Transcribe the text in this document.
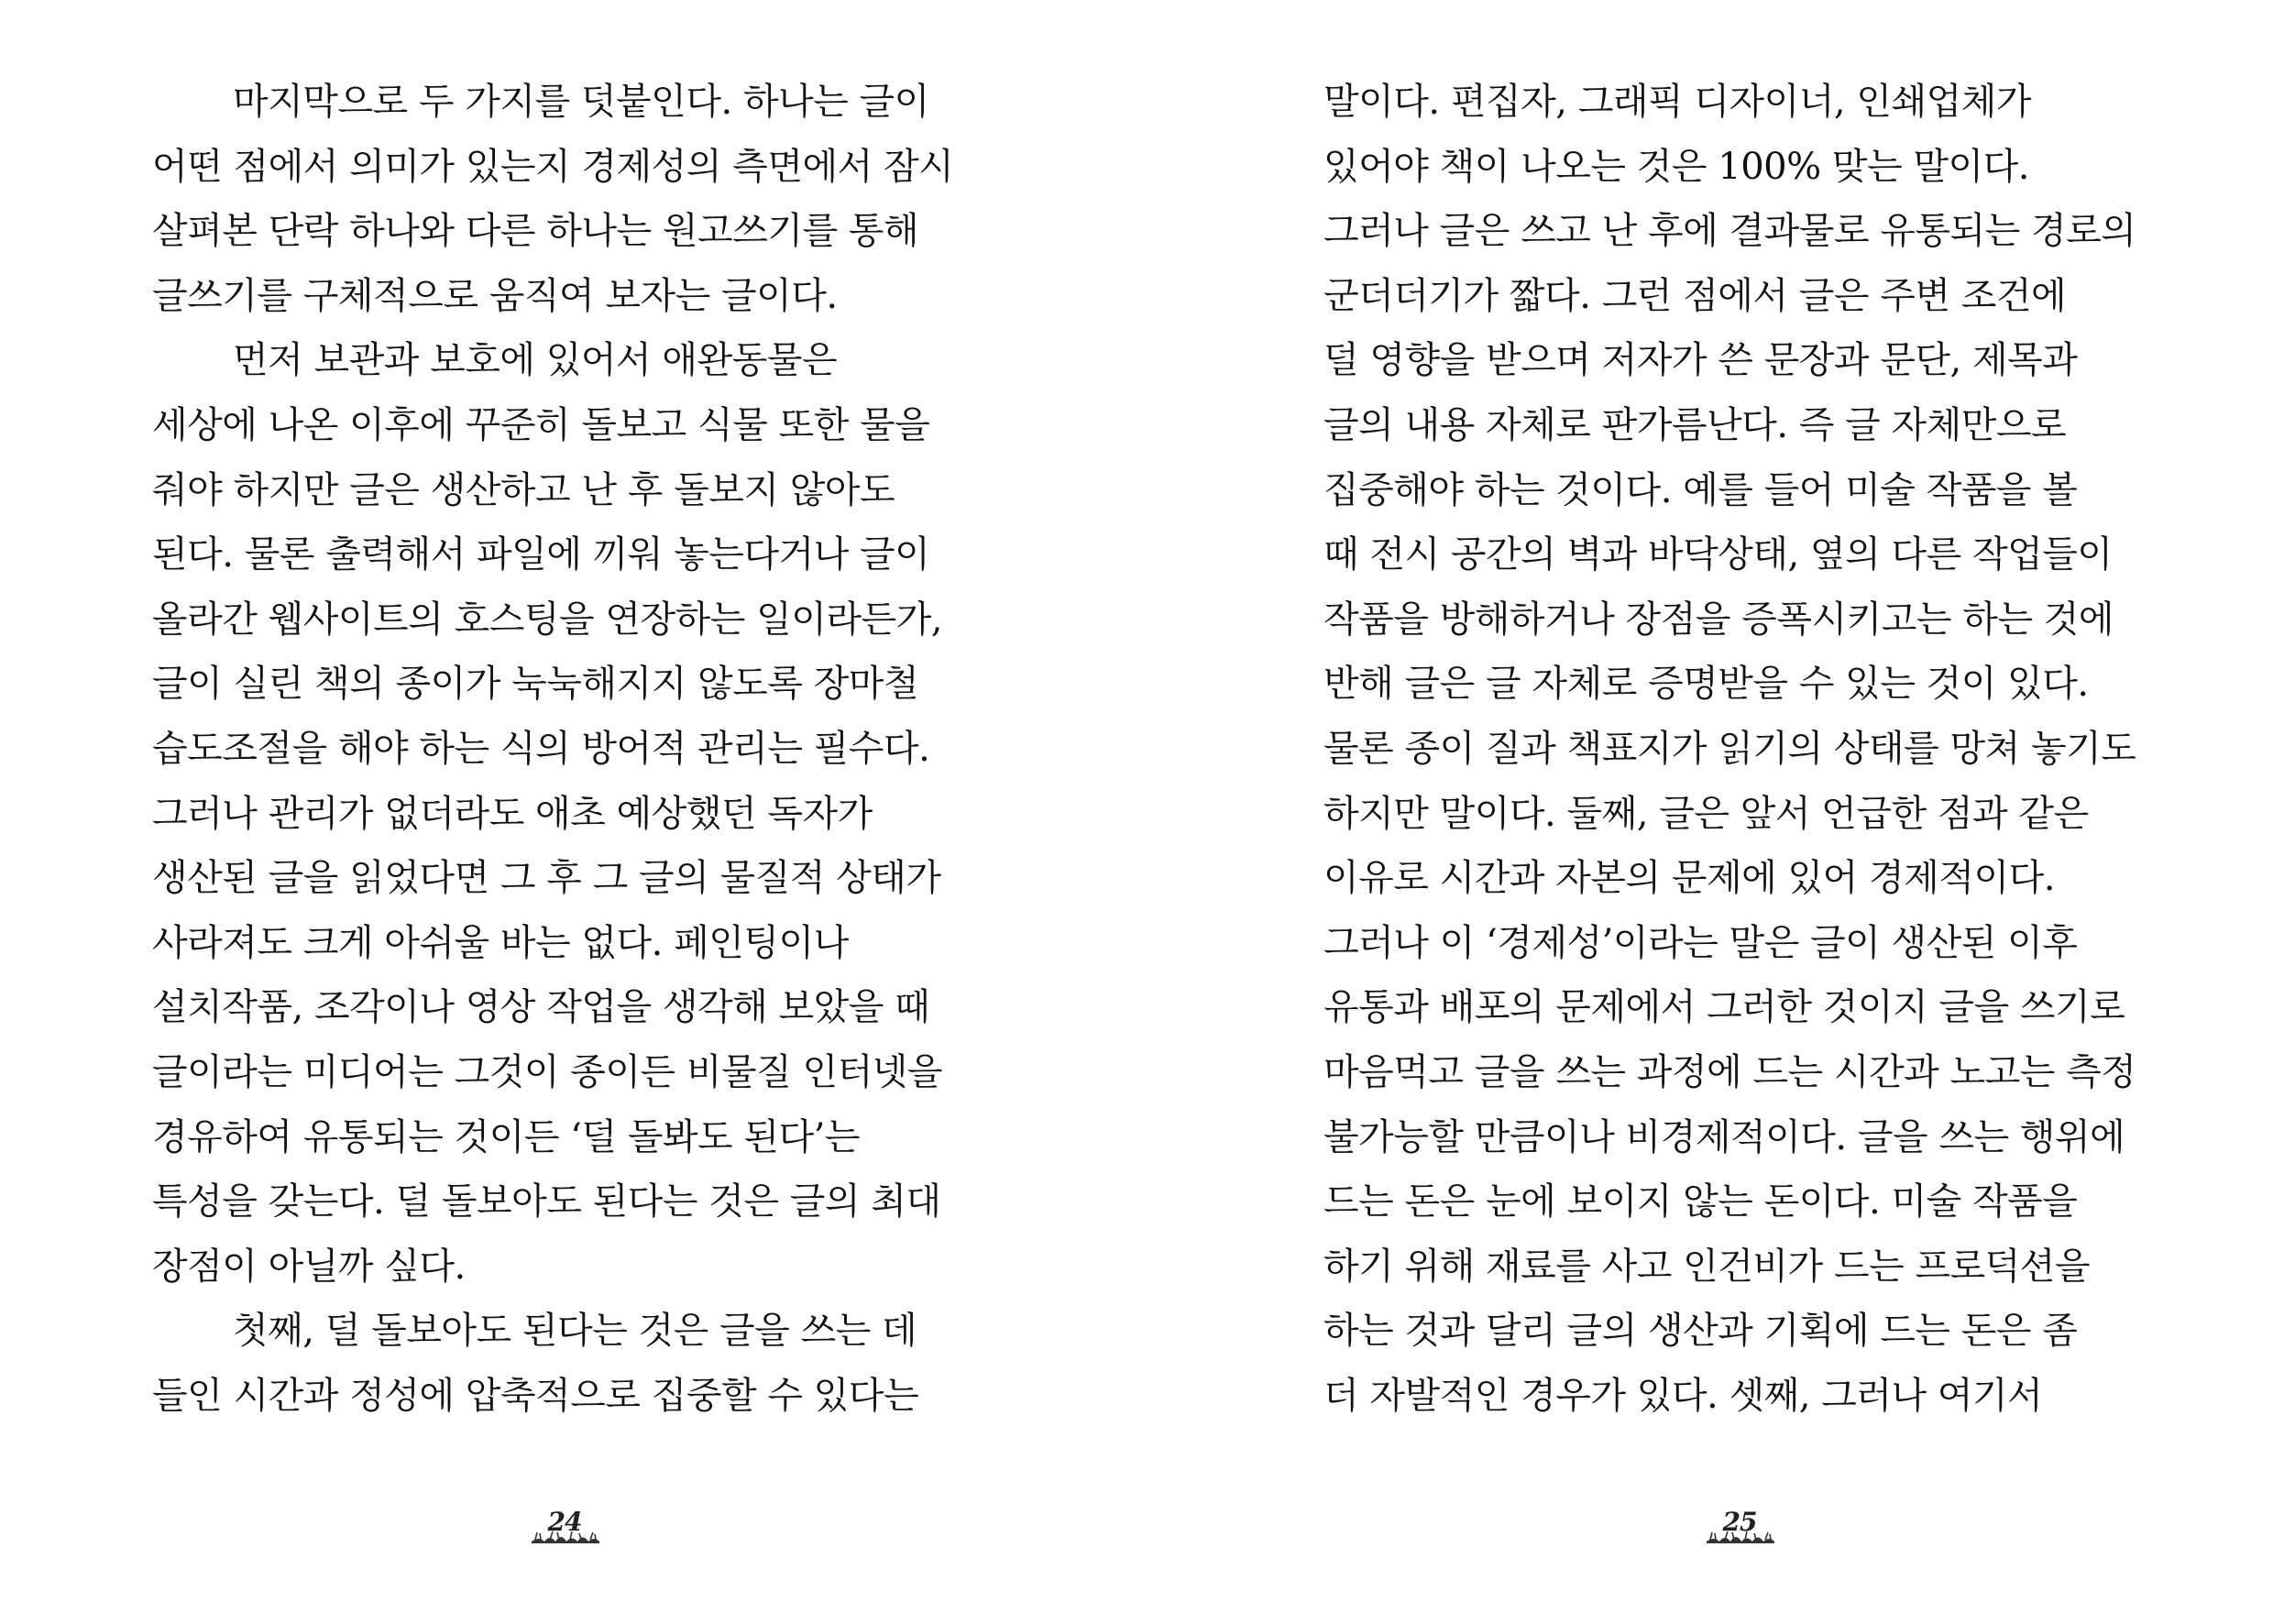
마지막으로 두 가지를 덧붙인다. 하나는 글이
어떤 점에서 의미가 있는지 경제성의 측면에서 잠시
살펴본 단락 하나와 다른 하나는 원고쓰기를 통해
글쓰기를 구체적으로 움직여 보자는 글이다.
먼저 보관과 보호에 있어서 애완동물은
세상에 나온 이후에 꾸준히 돌보고 식물 또한 물을
줘야 하지만 글은 생산하고 난 후 돌보지 않아도
된다. 물론 출력해서 파일에 끼워 놓는다거나 글이
올라간 웹사이트의 호스팅을 연장하는 일이라든가,
글이 실린 책의 종이가 눅눅해지지 않도록 장마철
습도조절을 해야 하는 식의 방어적 관리는 필수다.
그러나 관리가 없더라도 애초 예상했던 독자가
생산된 글을 읽었다면 그 후 그 글의 물질적 상태가
사라져도 크게 아쉬울 바는 없다. 페인팅이나
설치작품, 조각이나 영상 작업을 생각해 보았을 때
글이라는 미디어는 그것이 종이든 비물질 인터넷을
경유하여 유통되는 것이든 ‘덜 돌봐도 된다’는
특성을 갖는다. 덜 돌보아도 된다는 것은 글의 최대
장점이 아닐까 싶다.
첫째, 덜 돌보아도 된다는 것은 글을 쓰는 데
들인 시간과 정성에 압축적으로 집중할 수 있다는
24
말이다. 편집자, 그래픽 디자이너, 인쇄업체가
있어야 책이 나오는 것은 100% 맞는 말이다.
그러나 글은 쓰고 난 후에 결과물로 유통되는 경로의
군더더기가 짧다. 그런 점에서 글은 주변 조건에
덜 영향을 받으며 저자가 쓴 문장과 문단, 제목과
글의 내용 자체로 판가름난다. 즉 글 자체만으로
집중해야 하는 것이다. 예를 들어 미술 작품을 볼
때 전시 공간의 벽과 바닥상태, 옆의 다른 작업들이
작품을 방해하거나 장점을 증폭시키고는 하는 것에
반해 글은 글 자체로 증명받을 수 있는 것이 있다.
물론 종이 질과 책표지가 읽기의 상태를 망쳐 놓기도
하지만 말이다. 둘째, 글은 앞서 언급한 점과 같은
이유로 시간과 자본의 문제에 있어 경제적이다.
그러나 이 ‘경제성’이라는 말은 글이 생산된 이후
유통과 배포의 문제에서 그러한 것이지 글을 쓰기로
마음먹고 글을 쓰는 과정에 드는 시간과 노고는 측정
불가능할 만큼이나 비경제적이다. 글을 쓰는 행위에
드는 돈은 눈에 보이지 않는 돈이다. 미술 작품을
하기 위해 재료를 사고 인건비가 드는 프로덕션을
하는 것과 달리 글의 생산과 기획에 드는 돈은 좀
더 자발적인 경우가 있다. 셋째, 그러나 여기서
25
